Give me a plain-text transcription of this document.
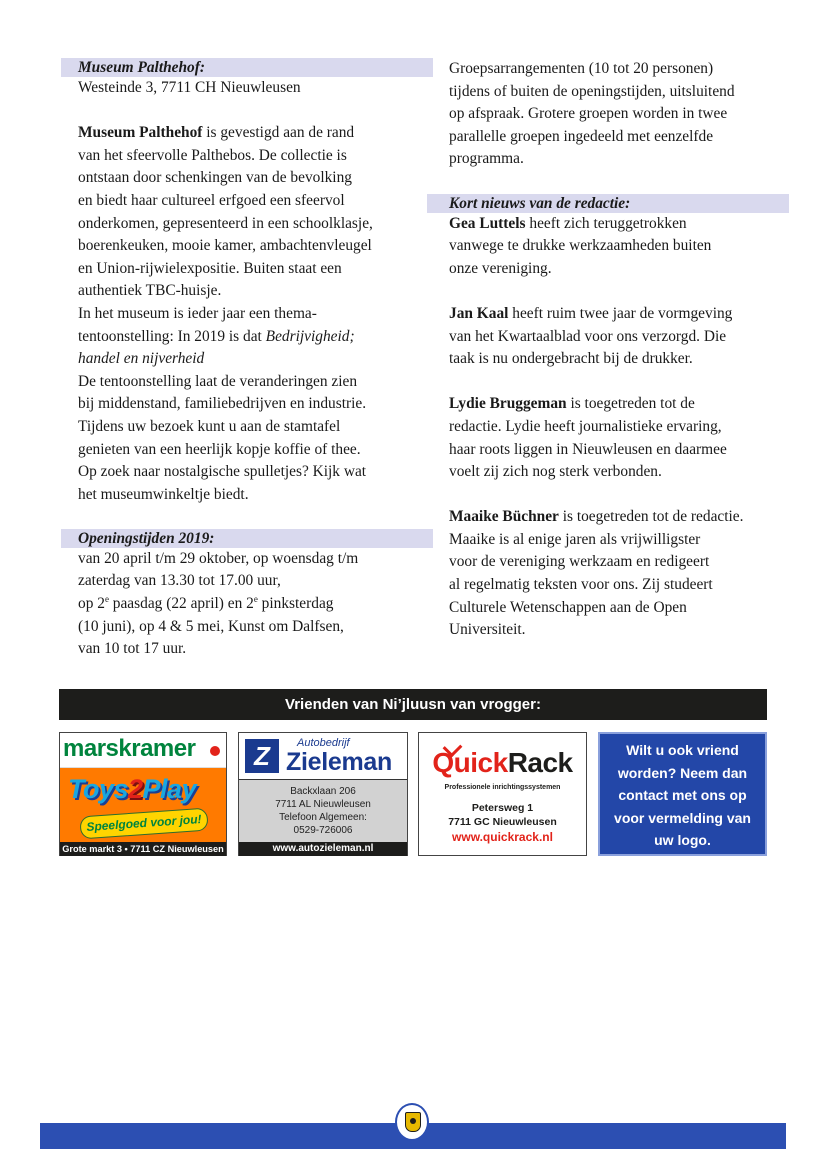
Museum Palthehof:

Westeinde 3, 7711 CH Nieuwleusen

Museum Palthehof is gevestigd aan de rand

van het sfeervolle Palthebos. De collectie is

ontstaan door schenkingen van de bevolking

en biedt haar cultureel erfgoed een sfeervol

onderkomen, gepresenteerd in een schoolklasje,

boerenkeuken, mooie kamer, ambachtenvleugel

en Union-rijwielexpositie. Buiten staat een

authentiek TBC-huisje.

In het museum is ieder jaar een thema-

tentoonstelling: In 2019 is dat Bedrijvigheid;

handel en nijverheid

De tentoonstelling laat de veranderingen zien

bij middenstand, familiebedrijven en industrie.

Tijdens uw bezoek kunt u aan de stamtafel

genieten van een heerlijk kopje koffie of thee.

Op zoek naar nostalgische spulletjes? Kijk wat

het museumwinkeltje biedt.

Openingstijden 2019:

van 20 april t/m 29 oktober, op woensdag t/m

zaterdag van 13.30 tot 17.00 uur,

op 2e paasdag (22 april) en 2e pinksterdag

(10 juni), op 4 & 5 mei, Kunst om Dalfsen,

van 10 tot 17 uur.

Groepsarrangementen (10 tot 20 personen)

tijdens of buiten de openingstijden, uitsluitend

op afspraak. Grotere groepen worden in twee

parallelle groepen ingedeeld met eenzelfde

programma.

Kort nieuws van de redactie:

Gea Luttels heeft zich teruggetrokken

vanwege te drukke werkzaamheden buiten

onze vereniging.

Jan Kaal heeft ruim twee jaar de vormgeving

van het Kwartaalblad voor ons verzorgd. Die

taak is nu ondergebracht bij de drukker.

Lydie Bruggeman is toegetreden tot de

redactie. Lydie heeft journalistieke ervaring,

haar roots liggen in Nieuwleusen en daarmee

voelt zij zich nog sterk verbonden.

Maaike Büchner is toegetreden tot de redactie.

Maaike is al enige jaren als vrijwilligster

voor de vereniging werkzaam en redigeert

al regelmatig teksten voor ons. Zij studeert

Culturele Wetenschappen aan de Open

Universiteit.

Vrienden van Ni’jluusn van vrogger:
marskramer
Toys2Play
Speelgoed voor jou!
Grote markt 3 • 7711 CZ Nieuwleusen
Z	Autobedrijf
Zieleman

Backxlaan 206

7711 AL Nieuwleusen

Telefoon Algemeen:

0529-726006

www.autozieleman.nl
QuickRack
Professionele inrichtingssystemen
Petersweg 1
7711 GC Nieuwleusen
www.quickrack.nl
Wilt u ook vriend
worden? Neem dan
contact met ons op
voor vermelding van
uw logo.
